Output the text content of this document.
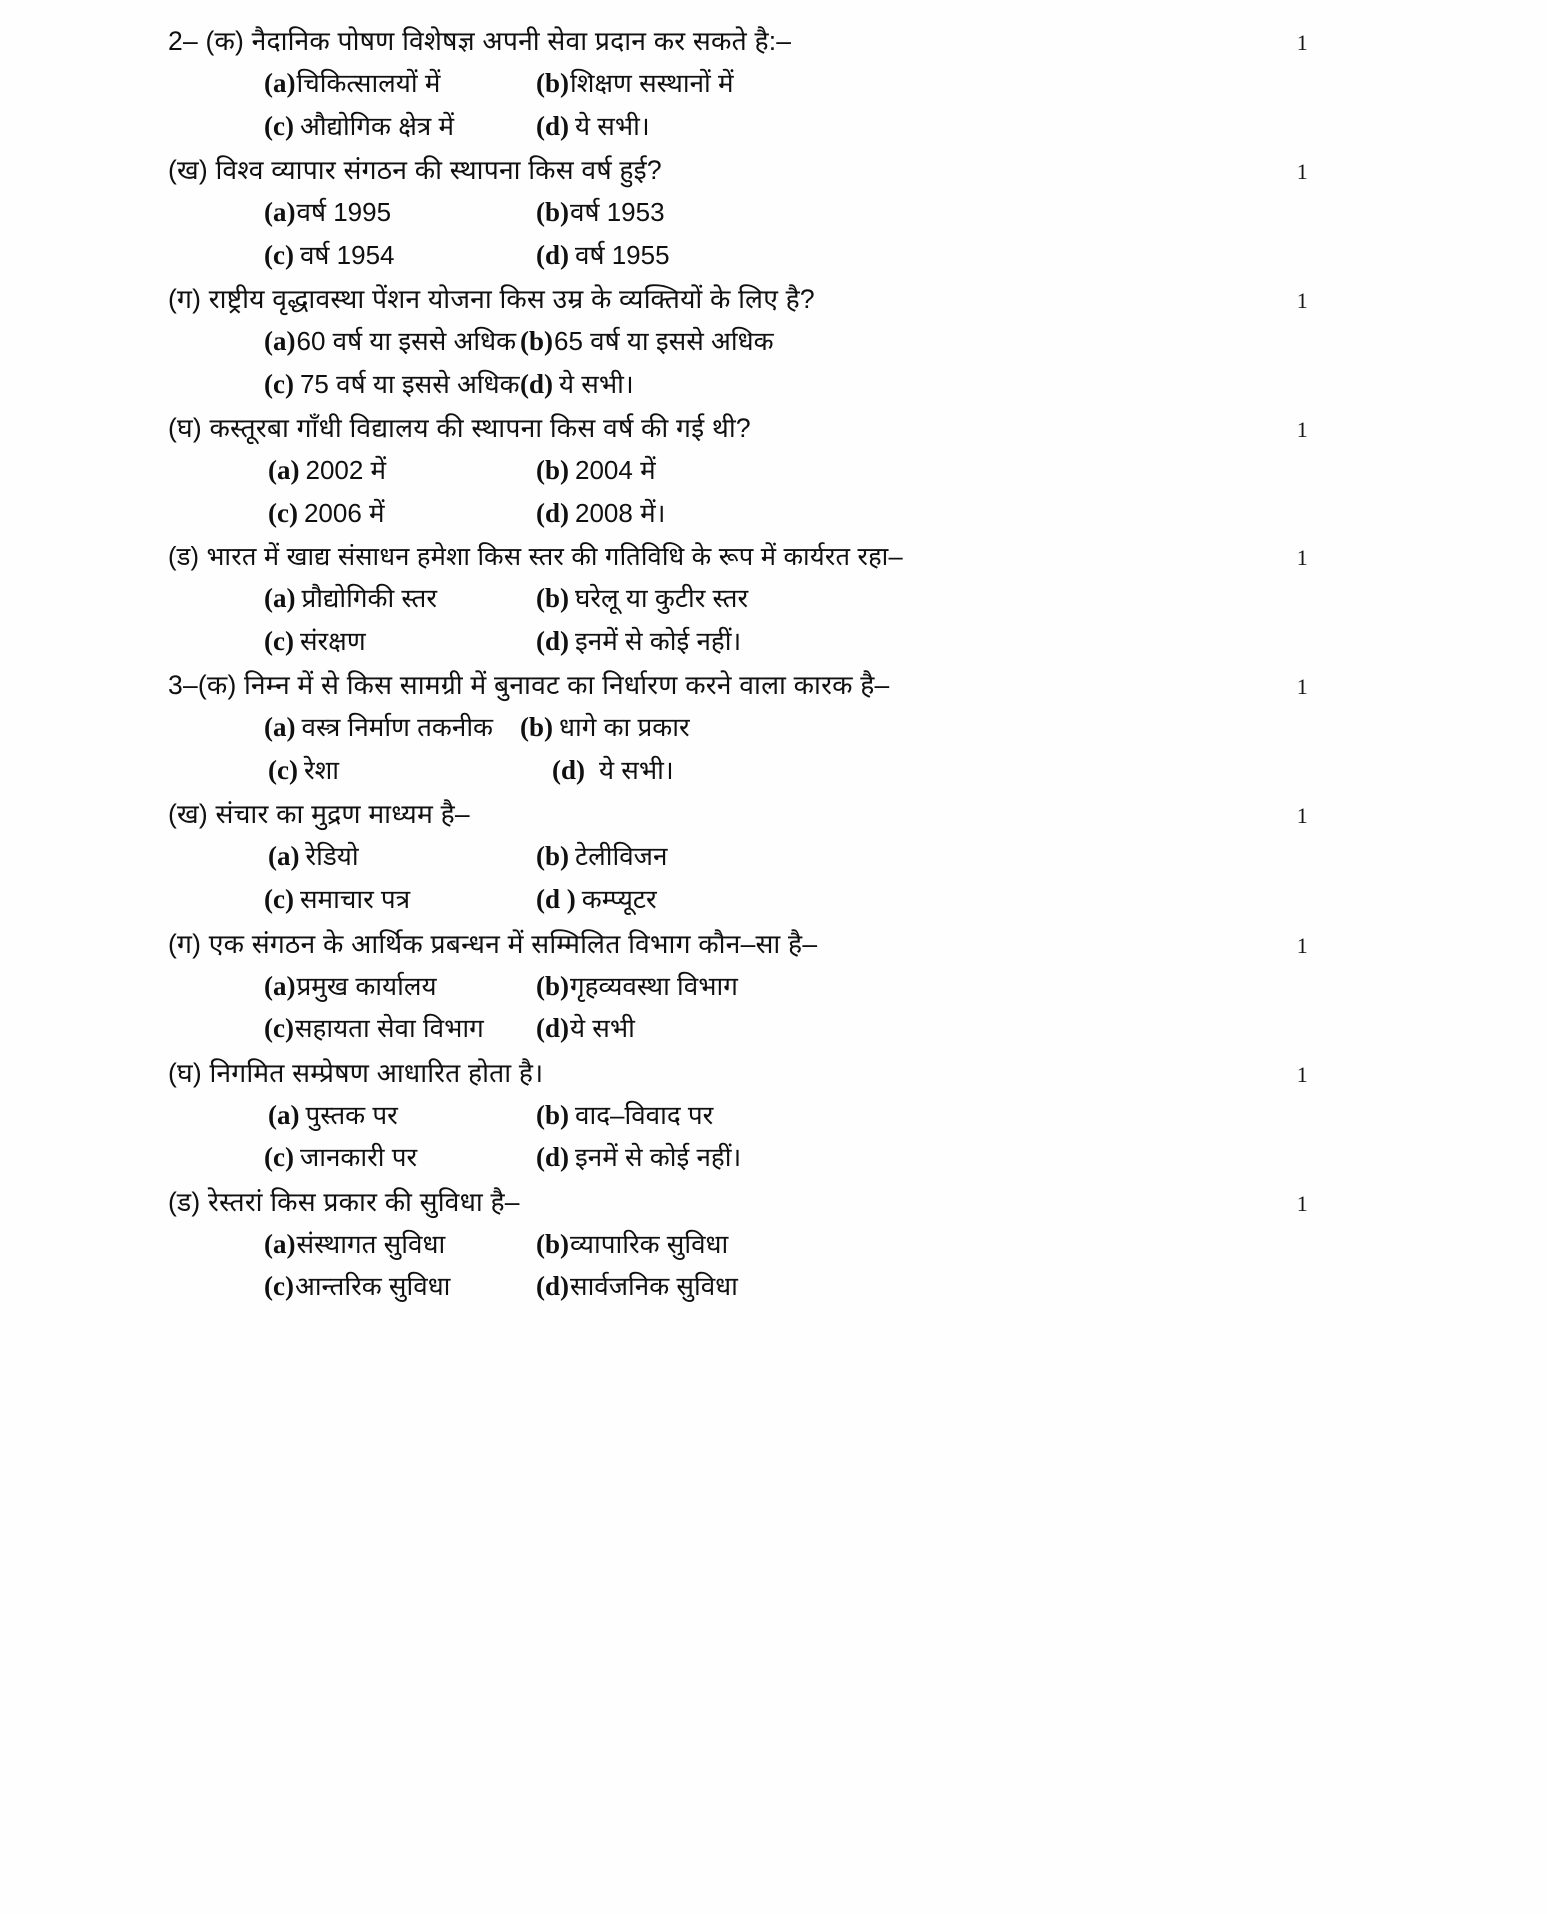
2– (क) नैदानिक पोषण विशेषज्ञ अपनी सेवा प्रदान कर सकते है:–	1
(a) चिकित्सालयों में	(b) शिक्षण सस्थानों में
(c) औद्योगिक क्षेत्र में	(d) ये सभी।
(ख) विश्व व्यापार संगठन की स्थापना किस वर्ष हुई?	1
(a) वर्ष 1995	(b) वर्ष 1953
(c) वर्ष 1954	(d) वर्ष 1955
(ग) राष्ट्रीय वृद्धावस्था पेंशन योजना किस उम्र के व्यक्तियों के लिए है?	1
(a) 60 वर्ष या इससे अधिक (b) 65 वर्ष या इससे अधिक
(c) 75 वर्ष या इससे अधिक (d) ये सभी।
(घ) कस्तूरबा गाँधी विद्यालय की स्थापना किस वर्ष की गई थी?	1
(a) 2002 में	(b) 2004 में
(c) 2006 में	(d) 2008 में।
(ड) भारत में खाद्य संसाधन हमेशा किस स्तर की गतिविधि के रूप में कार्यरत रहा–	1
(a) प्रौद्योगिकी स्तर	(b) घरेलू या कुटीर स्तर
(c) संरक्षण	(d) इनमें से कोई नहीं।
3–(क) निम्न में से किस सामग्री में बुनावट का निर्धारण करने वाला कारक है–	1
(a) वस्त्र निर्माण तकनीक (b) धागे का प्रकार
(c) रेशा	(d) ये सभी।
(ख) संचार का मुद्रण माध्यम है–	1
(a) रेडियो	(b) टेलीविजन
(c) समाचार पत्र	(d ) कम्प्यूटर
(ग) एक संगठन के आर्थिक प्रबन्धन में सम्मिलित विभाग कौन–सा है–	1
(a) प्रमुख कार्यालय	(b) गृहव्यवस्था विभाग
(c) सहायता सेवा विभाग (d) ये सभी
(घ) निगमित सम्प्रेषण आधारित होता है।	1
(a) पुस्तक पर	(b) वाद–विवाद पर
(c) जानकारी पर	(d) इनमें से कोई नहीं।
(ड) रेस्तरां किस प्रकार की सुविधा है–	1
(a) संस्थागत सुविधा	(b) व्यापारिक सुविधा
(c) आन्तरिक सुविधा	(d) सार्वजनिक सुविधा
